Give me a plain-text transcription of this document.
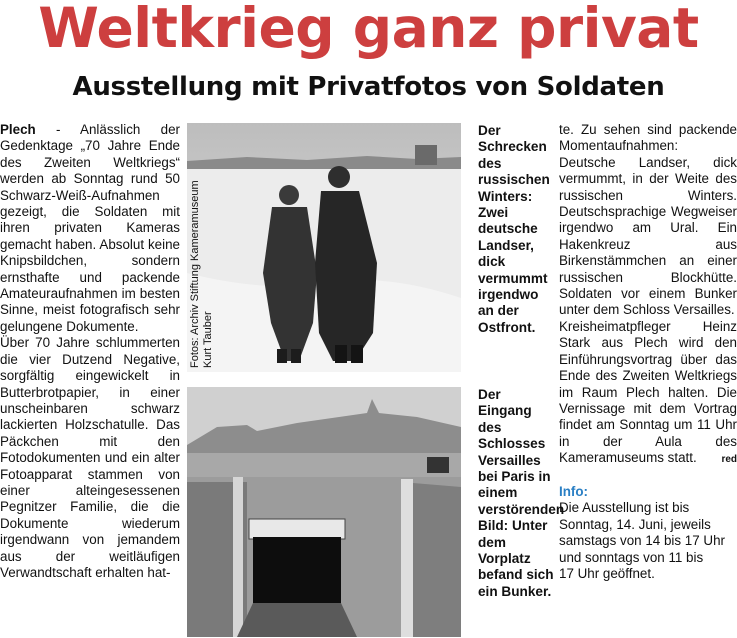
Weltkrieg ganz privat
Ausstellung mit Privatfotos von Soldaten

Plech - Anlässlich der Gedenktage „70 Jahre Ende des Zweiten Weltkriegs“ werden ab Sonntag rund 50 Schwarz-Weiß-Aufnahmen gezeigt, die Soldaten mit ihren privaten Kameras gemacht haben. Absolut keine Knipsbildchen, sondern ernsthafte und packende Amateuraufnahmen im besten Sinne, meist fotografisch sehr gelungene Dokumente.

Über 70 Jahre schlummerten die vier Dutzend Negative, sorgfältig eingewickelt in Butterbrotpapier, in einer unscheinbaren schwarz lackierten Holzschatulle. Das Päckchen mit den Fotodokumenten und ein alter Fotoapparat stammen von einer alteingesessenen Pegnitzer Familie, die die Dokumente wiederum irgendwann von jemandem aus der weitläufigen Verwandtschaft erhalten hat-

Fotos: Archiv Stiftung Kameramuseum Kurt Tauber
Der Schrecken des russischen Winters: Zwei deutsche Landser, dick vermummt irgendwo an der Ostfront.
Der Eingang des Schlosses Versailles bei Paris in einem verstörenden Bild: Unter dem Vorplatz befand sich ein Bunker.

te. Zu sehen sind packende Momentaufnahmen: Deutsche Landser, dick vermummt, in der Weite des russischen Winters. Deutschsprachige Wegweiser irgendwo am Ural. Ein Hakenkreuz aus Birkenstämmchen an einer russischen Blockhütte. Soldaten vor einem Bunker unter dem Schloss Versailles.

Kreisheimatpfleger Heinz Stark aus Plech wird den Einführungsvortrag über das Ende des Zweiten Weltkriegs im Raum Plech halten. Die Vernissage mit dem Vortrag findet am Sonntag um 11 Uhr in der Aula des Kameramuseums statt.	red

Info:

Die Ausstellung ist bis

Sonntag, 14. Juni, jeweils

samstags von 14 bis 17 Uhr

und sonntags von 11 bis

17 Uhr geöffnet.
